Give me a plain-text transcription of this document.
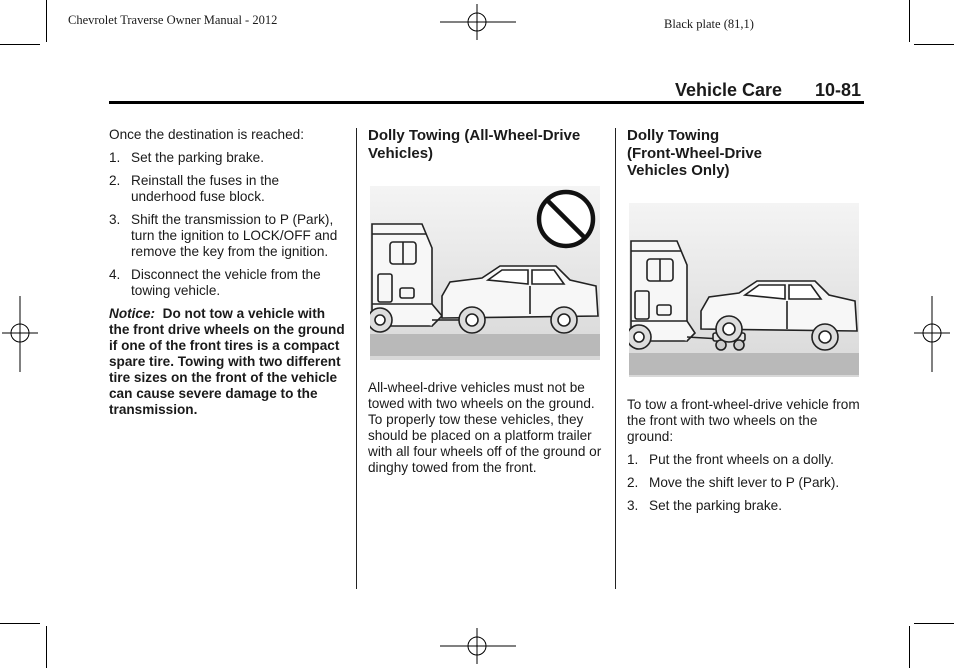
Chevrolet Traverse Owner Manual - 2012	Black plate (81,1)
Vehicle Care 10-81

Once the destination is reached:

1. Set the parking brake.
2. Reinstall the fuses in the underhood fuse block.
3. Shift the transmission to P (Park), turn the ignition to LOCK/OFF and remove the key from the ignition.
4. Disconnect the vehicle from the towing vehicle.

Notice: Do not tow a vehicle with the front drive wheels on the ground if one of the front tires is a compact spare tire. Towing with two different tire sizes on the front of the vehicle can cause severe damage to the transmission.

Dolly Towing (All-Wheel-Drive Vehicles)

All-wheel-drive vehicles must not be towed with two wheels on the ground. To properly tow these vehicles, they should be placed on a platform trailer with all four wheels off of the ground or dinghy towed from the front.

Dolly Towing
(Front-Wheel-Drive
Vehicles Only)

To tow a front-wheel-drive vehicle from the front with two wheels on the ground:

1. Put the front wheels on a dolly.
2. Move the shift lever to P (Park).
3. Set the parking brake.
